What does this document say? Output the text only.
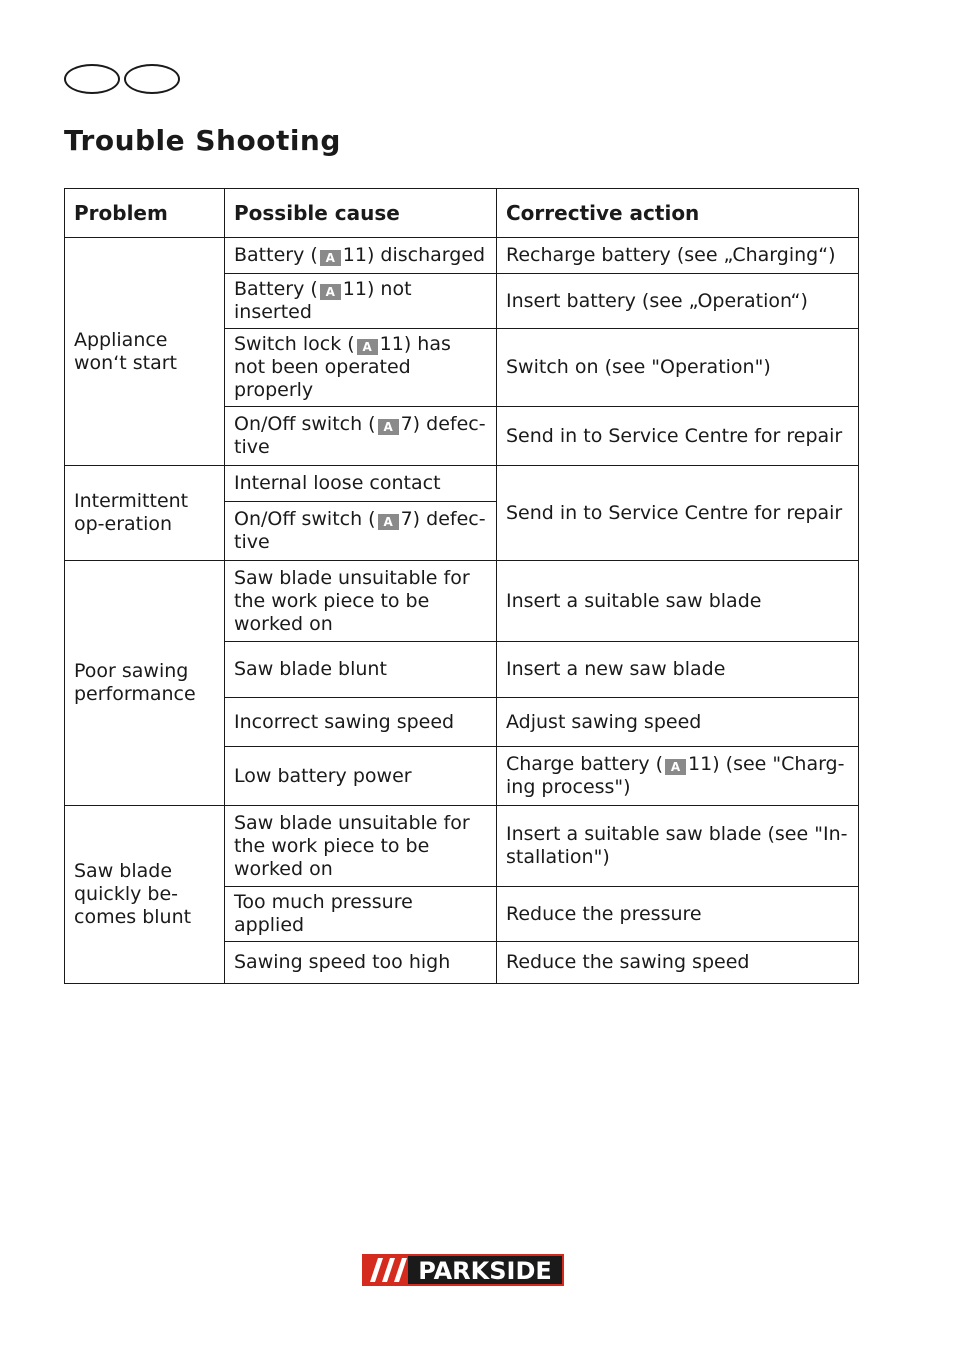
Trouble Shooting
Problem	Possible cause	Corrective action
Appliance won‘t start	Battery ( A 11) discharged	Recharge battery (see „Charging“)
	Battery ( A 11) not inserted	Insert battery (see „Operation“)
	Switch lock ( A 11) has not been operated properly	Switch on (see "Operation")
	On/Off switch ( A 7) defec-tive	Send in to Service Centre for repair
Intermittent op-eration	Internal loose contact	Send in to Service Centre for repair
	On/Off switch ( A 7) defec-tive	
Poor sawing performance	Saw blade unsuitable for the work piece to be worked on	Insert a suitable saw blade
	Saw blade blunt	Insert a new saw blade
	Incorrect sawing speed	Adjust sawing speed
	Low battery power	Charge battery ( A 11) (see "Charg-ing process")
Saw blade quickly be-comes blunt	Saw blade unsuitable for the work piece to be worked on	Insert a suitable saw blade (see "In-stallation")
	Too much pressure applied	Reduce the pressure
	Sawing speed too high	Reduce the sawing speed
PARKSIDE
